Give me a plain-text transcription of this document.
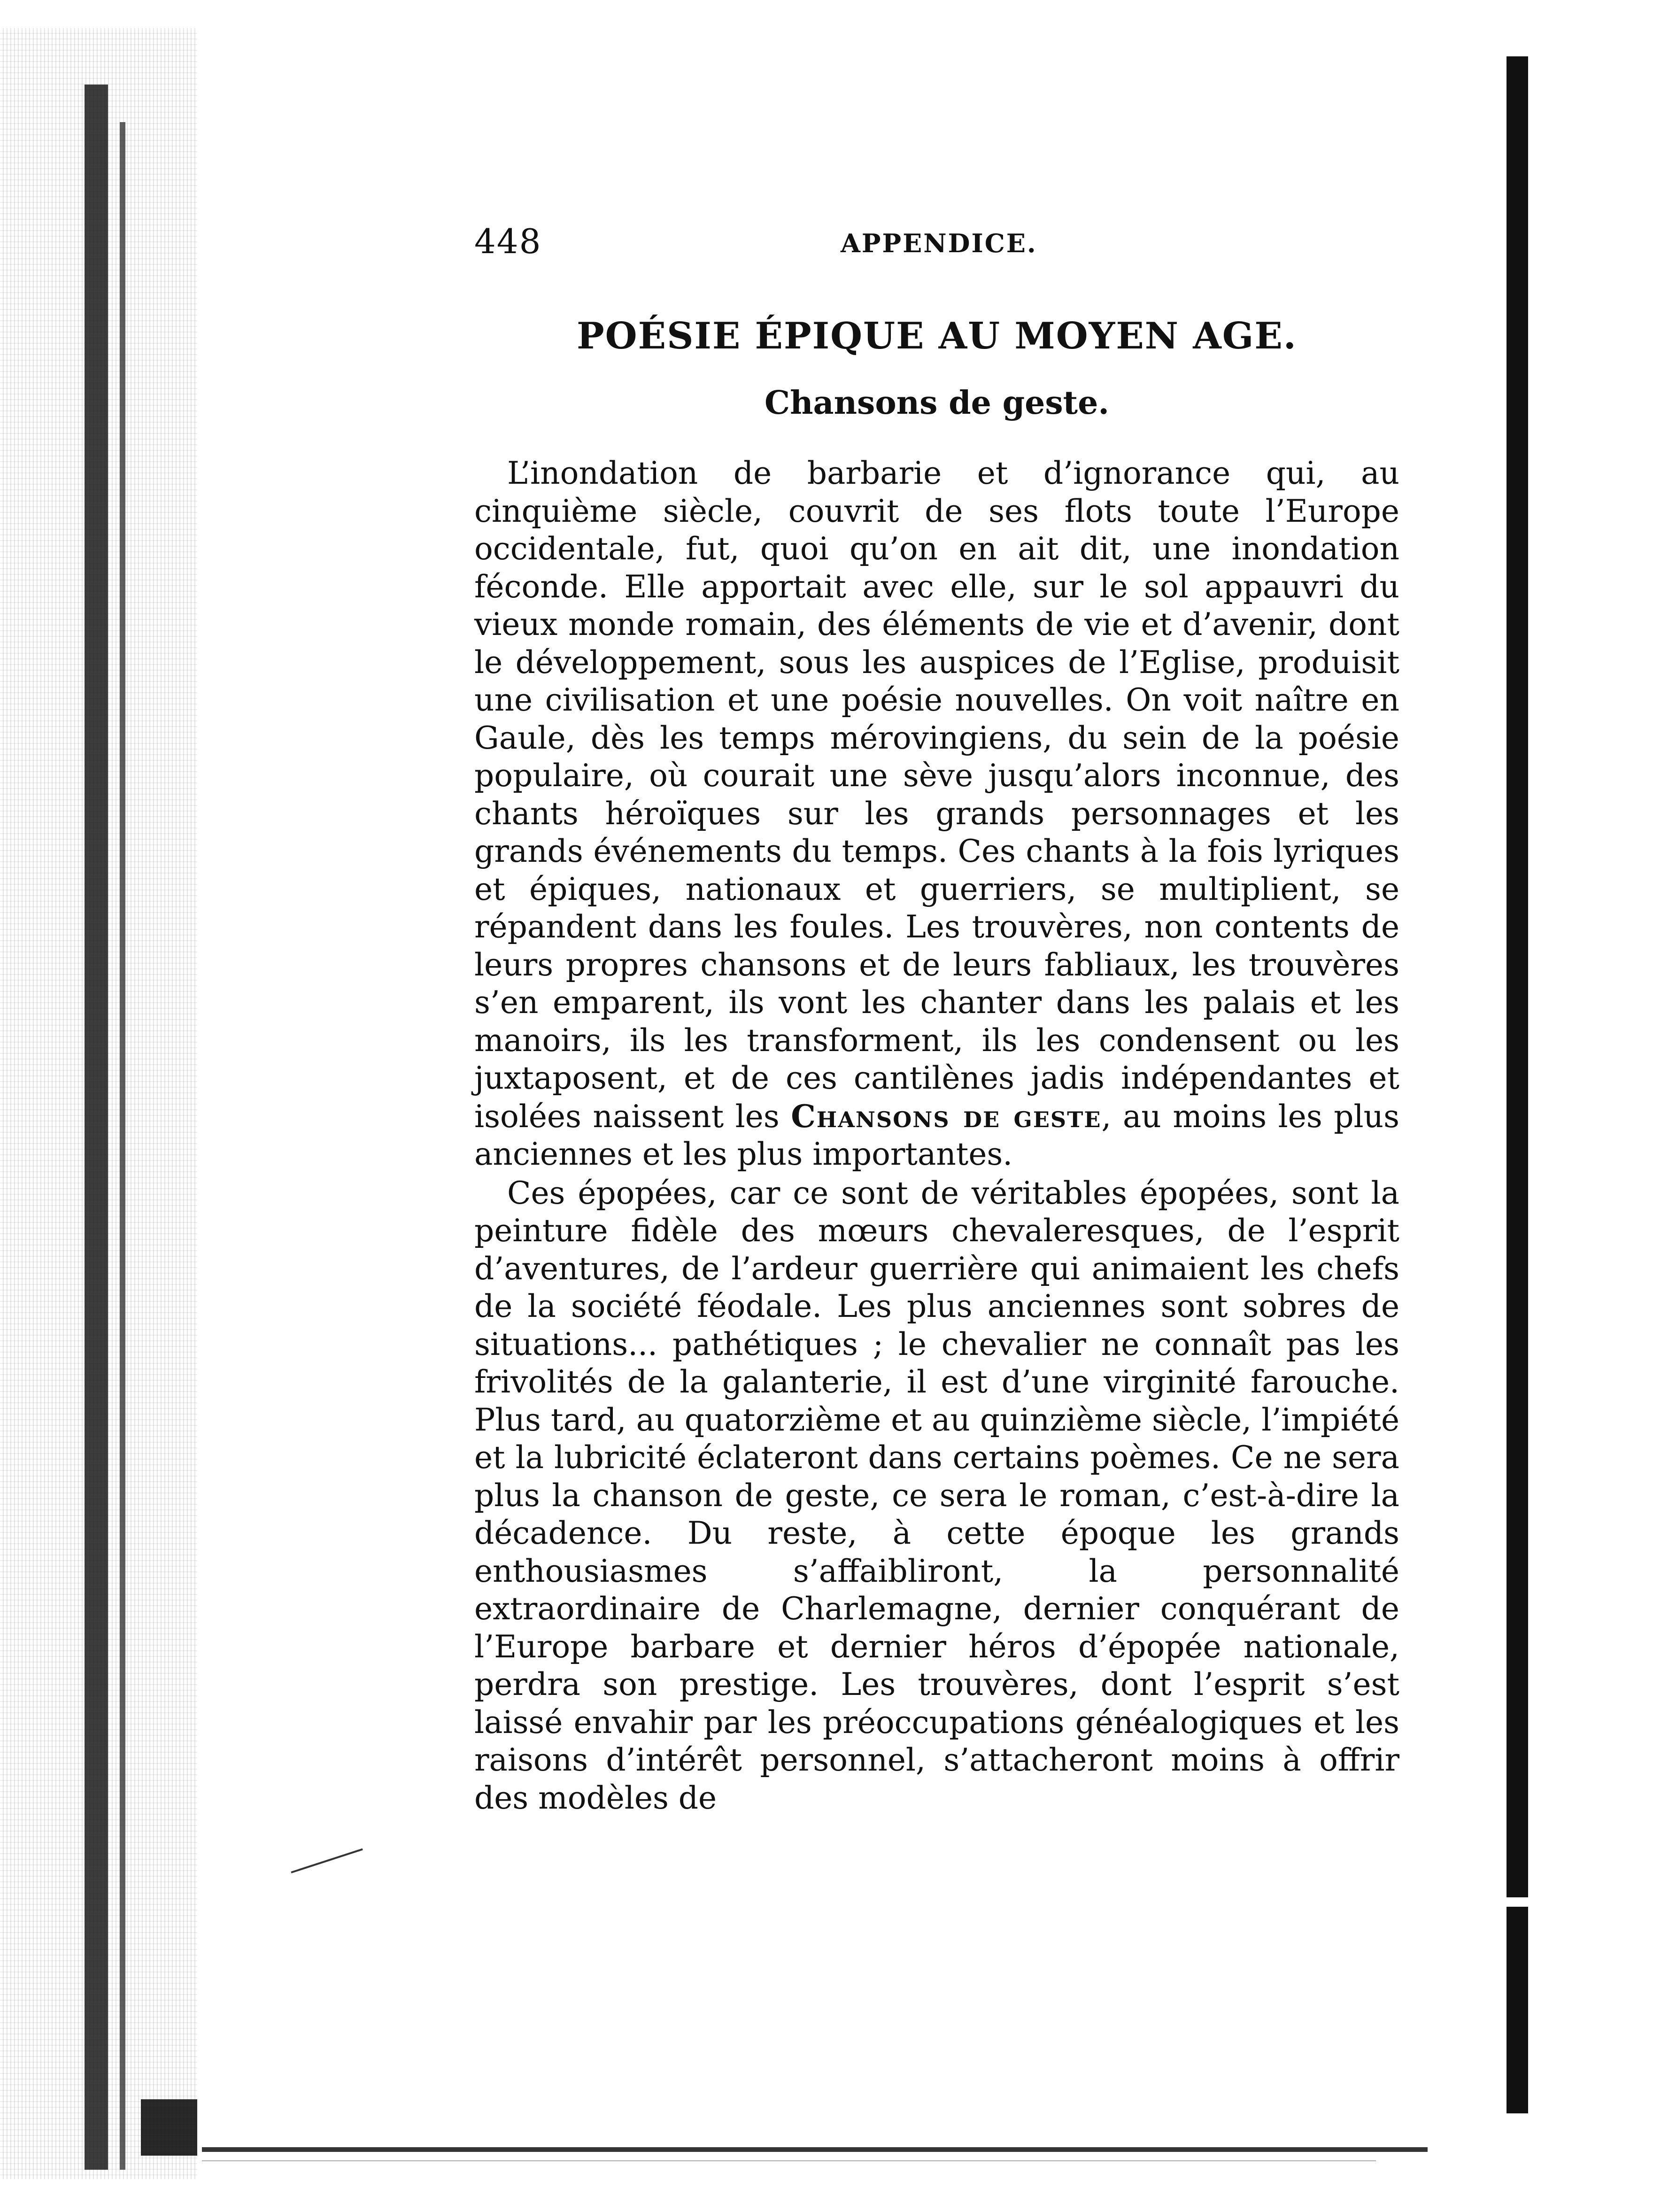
448	APPENDICE.
POÉSIE ÉPIQUE AU MOYEN AGE.
Chansons de geste.

L’inondation de barbarie et d’ignorance qui, au cinquième siècle, couvrit de ses flots toute l’Europe occidentale, fut, quoi qu’on en ait dit, une inondation féconde. Elle apportait avec elle, sur le sol appauvri du vieux monde romain, des éléments de vie et d’avenir, dont le développement, sous les auspices de l’Eglise, produisit une civilisation et une poésie nouvelles. On voit naître en Gaule, dès les temps mérovingiens, du sein de la poésie populaire, où courait une sève jusqu’alors inconnue, des chants héroïques sur les grands personnages et les grands événements du temps. Ces chants à la fois lyriques et épiques, nationaux et guerriers, se multiplient, se répandent dans les foules. Les trouvères, non contents de leurs propres chansons et de leurs fabliaux, les trouvères s’en emparent, ils vont les chanter dans les palais et les manoirs, ils les transforment, ils les condensent ou les juxtaposent, et de ces cantilènes jadis indépendantes et isolées naissent les Chansons de geste, au moins les plus anciennes et les plus importantes.

Ces épopées, car ce sont de véritables épopées, sont la peinture fidèle des mœurs chevaleresques, de l’esprit d’aventures, de l’ardeur guerrière qui animaient les chefs de la société féodale. Les plus anciennes sont sobres de situations... pathétiques ; le chevalier ne connaît pas les frivolités de la galanterie, il est d’une virginité farouche. Plus tard, au quatorzième et au quinzième siècle, l’impiété et la lubricité éclateront dans certains poèmes. Ce ne sera plus la chanson de geste, ce sera le roman, c’est-à-dire la décadence. Du reste, à cette époque les grands enthousiasmes s’affaibliront, la personnalité extraordinaire de Charlemagne, dernier conquérant de l’Europe barbare et dernier héros d’épopée nationale, perdra son prestige. Les trouvères, dont l’esprit s’est laissé envahir par les préoccupations généalogiques et les raisons d’intérêt personnel, s’attacheront moins à offrir des modèles de
